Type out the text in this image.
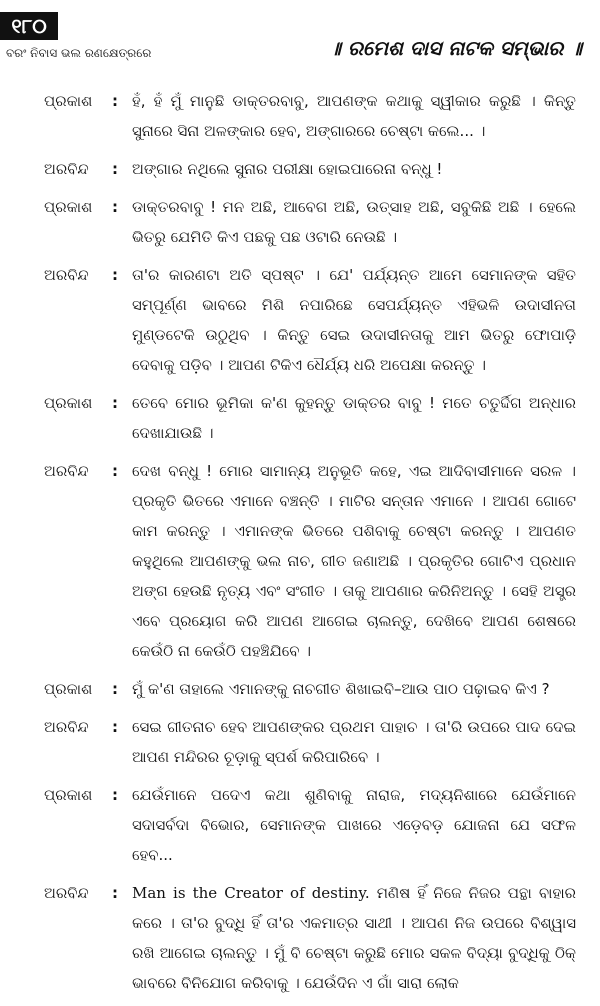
୧୮୦
ବରଂ ନିବାସ ଭଲ ରଣକ୍ଷେତ୍ରରେ	॥ ରମେଶ ଦାସ ନାଟକ ସମ୍ଭାର ॥
ପ୍ରକାଶ	: ହଁ, ହଁ ମୁଁ ମାନୁଛି ଡାକ୍ତରବାବୁ, ଆପଣଙ୍କ କଥାକୁ ସ୍ୱୀକାର କରୁଛି । କିନ୍ତୁ ସୁନାରେ ସିନା ଅଳଙ୍କାର ହେବ, ଅଙ୍ଗାରରେ ଚେଷ୍ଟା କଲେ... ।
ଅରବିନ୍ଦ	: ଅଙ୍ଗାର ନଥିଲେ ସୁନାର ପରୀକ୍ଷା ହୋଇପାରେନା ବନ୍ଧୁ !
ପ୍ରକାଶ	: ଡାକ୍ତରବାବୁ ! ମନ ଅଛି, ଆବେଗ ଅଛି, ଉତ୍ସାହ ଅଛି, ସବୁକିଛି ଅଛି । ହେଲେ ଭିତରୁ ଯେମିତି କିଏ ପଛକୁ ପଛ ଓଟାରି ନେଉଛି ।
ଅରବିନ୍ଦ	: ତା'ର କାରଣଟା ଅତି ସ୍ପଷ୍ଟ । ଯେ' ପର୍ଯ୍ୟନ୍ତ ଆମେ ସେମାନଙ୍କ ସହିତ ସମ୍ପୂର୍ଣ୍ଣ ଭାବରେ ମିଶି ନପାରିଛେ ସେପର୍ଯ୍ୟନ୍ତ ଏହିଭଳି ଉଦାସୀନତା ମୁଣ୍ଡଟେକି ଉଠୁଥିବ । କିନ୍ତୁ ସେଇ ଉଦାସୀନତାକୁ ଆମ ଭିତରୁ ଫୋପାଡ଼ି ଦେବାକୁ ପଡ଼ିବ । ଆପଣ ଟିକିଏ ଧୈର୍ଯ୍ୟ ଧରି ଅପେକ୍ଷା କରନ୍ତୁ ।
ପ୍ରକାଶ	: ତେବେ ମୋର ଭୂମିକା କ'ଣ କୁହନ୍ତୁ ଡାକ୍ତର ବାବୁ ! ମତେ ଚତୁର୍ଦ୍ଦିଗ ଅନ୍ଧାର ଦେଖାଯାଉଛି ।
ଅରବିନ୍ଦ	: ଦେଖ ବନ୍ଧୁ ! ମୋର ସାମାନ୍ୟ ଅନୁଭୂତି କହେ, ଏଇ ଆଦିବାସୀମାନେ ସରଳ । ପ୍ରକୃତି ଭିତରେ ଏମାନେ ବଞ୍ଚନ୍ତି । ମାଟିର ସନ୍ତାନ ଏମାନେ । ଆପଣ ଗୋଟେ କାମ କରନ୍ତୁ । ଏମାନଙ୍କ ଭିତରେ ପଶିବାକୁ ଚେଷ୍ଟା କରନ୍ତୁ । ଆପଣତ କହୁଥିଲେ ଆପଣଙ୍କୁ ଭଲ ନାଚ, ଗୀତ ଜଣାଅଛି । ପ୍ରକୃତିର ଗୋଟିଏ ପ୍ରଧାନ ଅଙ୍ଗ ହେଉଛି ନୃତ୍ୟ ଏବଂ ସଂଗୀତ । ତାକୁ ଆପଣାର କରିନିଅନ୍ତୁ । ସେହି ଅସ୍ତ୍ର ଏବେ ପ୍ରୟୋଗ କରି ଆପଣ ଆଗେଇ ଚାଲନ୍ତୁ, ଦେଖିବେ ଆପଣ ଶେଷରେ କେଉଁଠି ନା କେଉଁଠି ପହଞ୍ଚିଯିବେ ।
ପ୍ରକାଶ	: ମୁଁ କ'ଣ ତାହାଲେ ଏମାନଙ୍କୁ ନାଚଗୀତ ଶିଖାଇବି–ଆଉ ପାଠ ପଢ଼ାଇବ କିଏ ?
ଅରବିନ୍ଦ	: ସେଇ ଗୀତନାଚ ହେବ ଆପଣଙ୍କର ପ୍ରଥମ ପାହାଚ । ତା'ରି ଉପରେ ପାଦ ଦେଇ ଆପଣ ମନ୍ଦିରର ଚୂଡ଼ାକୁ ସ୍ପର୍ଶ କରିପାରିବେ ।
ପ୍ରକାଶ	: ଯେଉଁମାନେ ପଦେଏ କଥା ଶୁଣିବାକୁ ନାରାଜ, ମଦ୍ୟନିଶାରେ ଯେଉଁମାନେ ସଦାସର୍ବଦା ବିଭୋର, ସେମାନଙ୍କ ପାଖରେ ଏଡ଼େବଡ଼ ଯୋଜନା ଯେ ସଫଳ ହେବ...
ଅରବିନ୍ଦ	: Man is the Creator of destiny. ମଣିଷ ହିଁ ନିଜେ ନିଜର ପନ୍ଥା ବାହାର କରେ । ତା'ର ବୁଦ୍ଧି ହିଁ ତା'ର ଏକମାତ୍ର ସାଥୀ । ଆପଣ ନିଜ ଉପରେ ବିଶ୍ୱାସ ରଖି ଆଗେଇ ଚାଲନ୍ତୁ । ମୁଁ ବି ଚେଷ୍ଟା କରୁଛି ମୋର ସକଳ ବିଦ୍ୟା ବୁଦ୍ଧିକୁ ଠିକ୍ ଭାବରେ ବିନିଯୋଗ କରିବାକୁ । ଯେଉଁଦିନ ଏ ଗାଁ ସାରା ଲୋକ
